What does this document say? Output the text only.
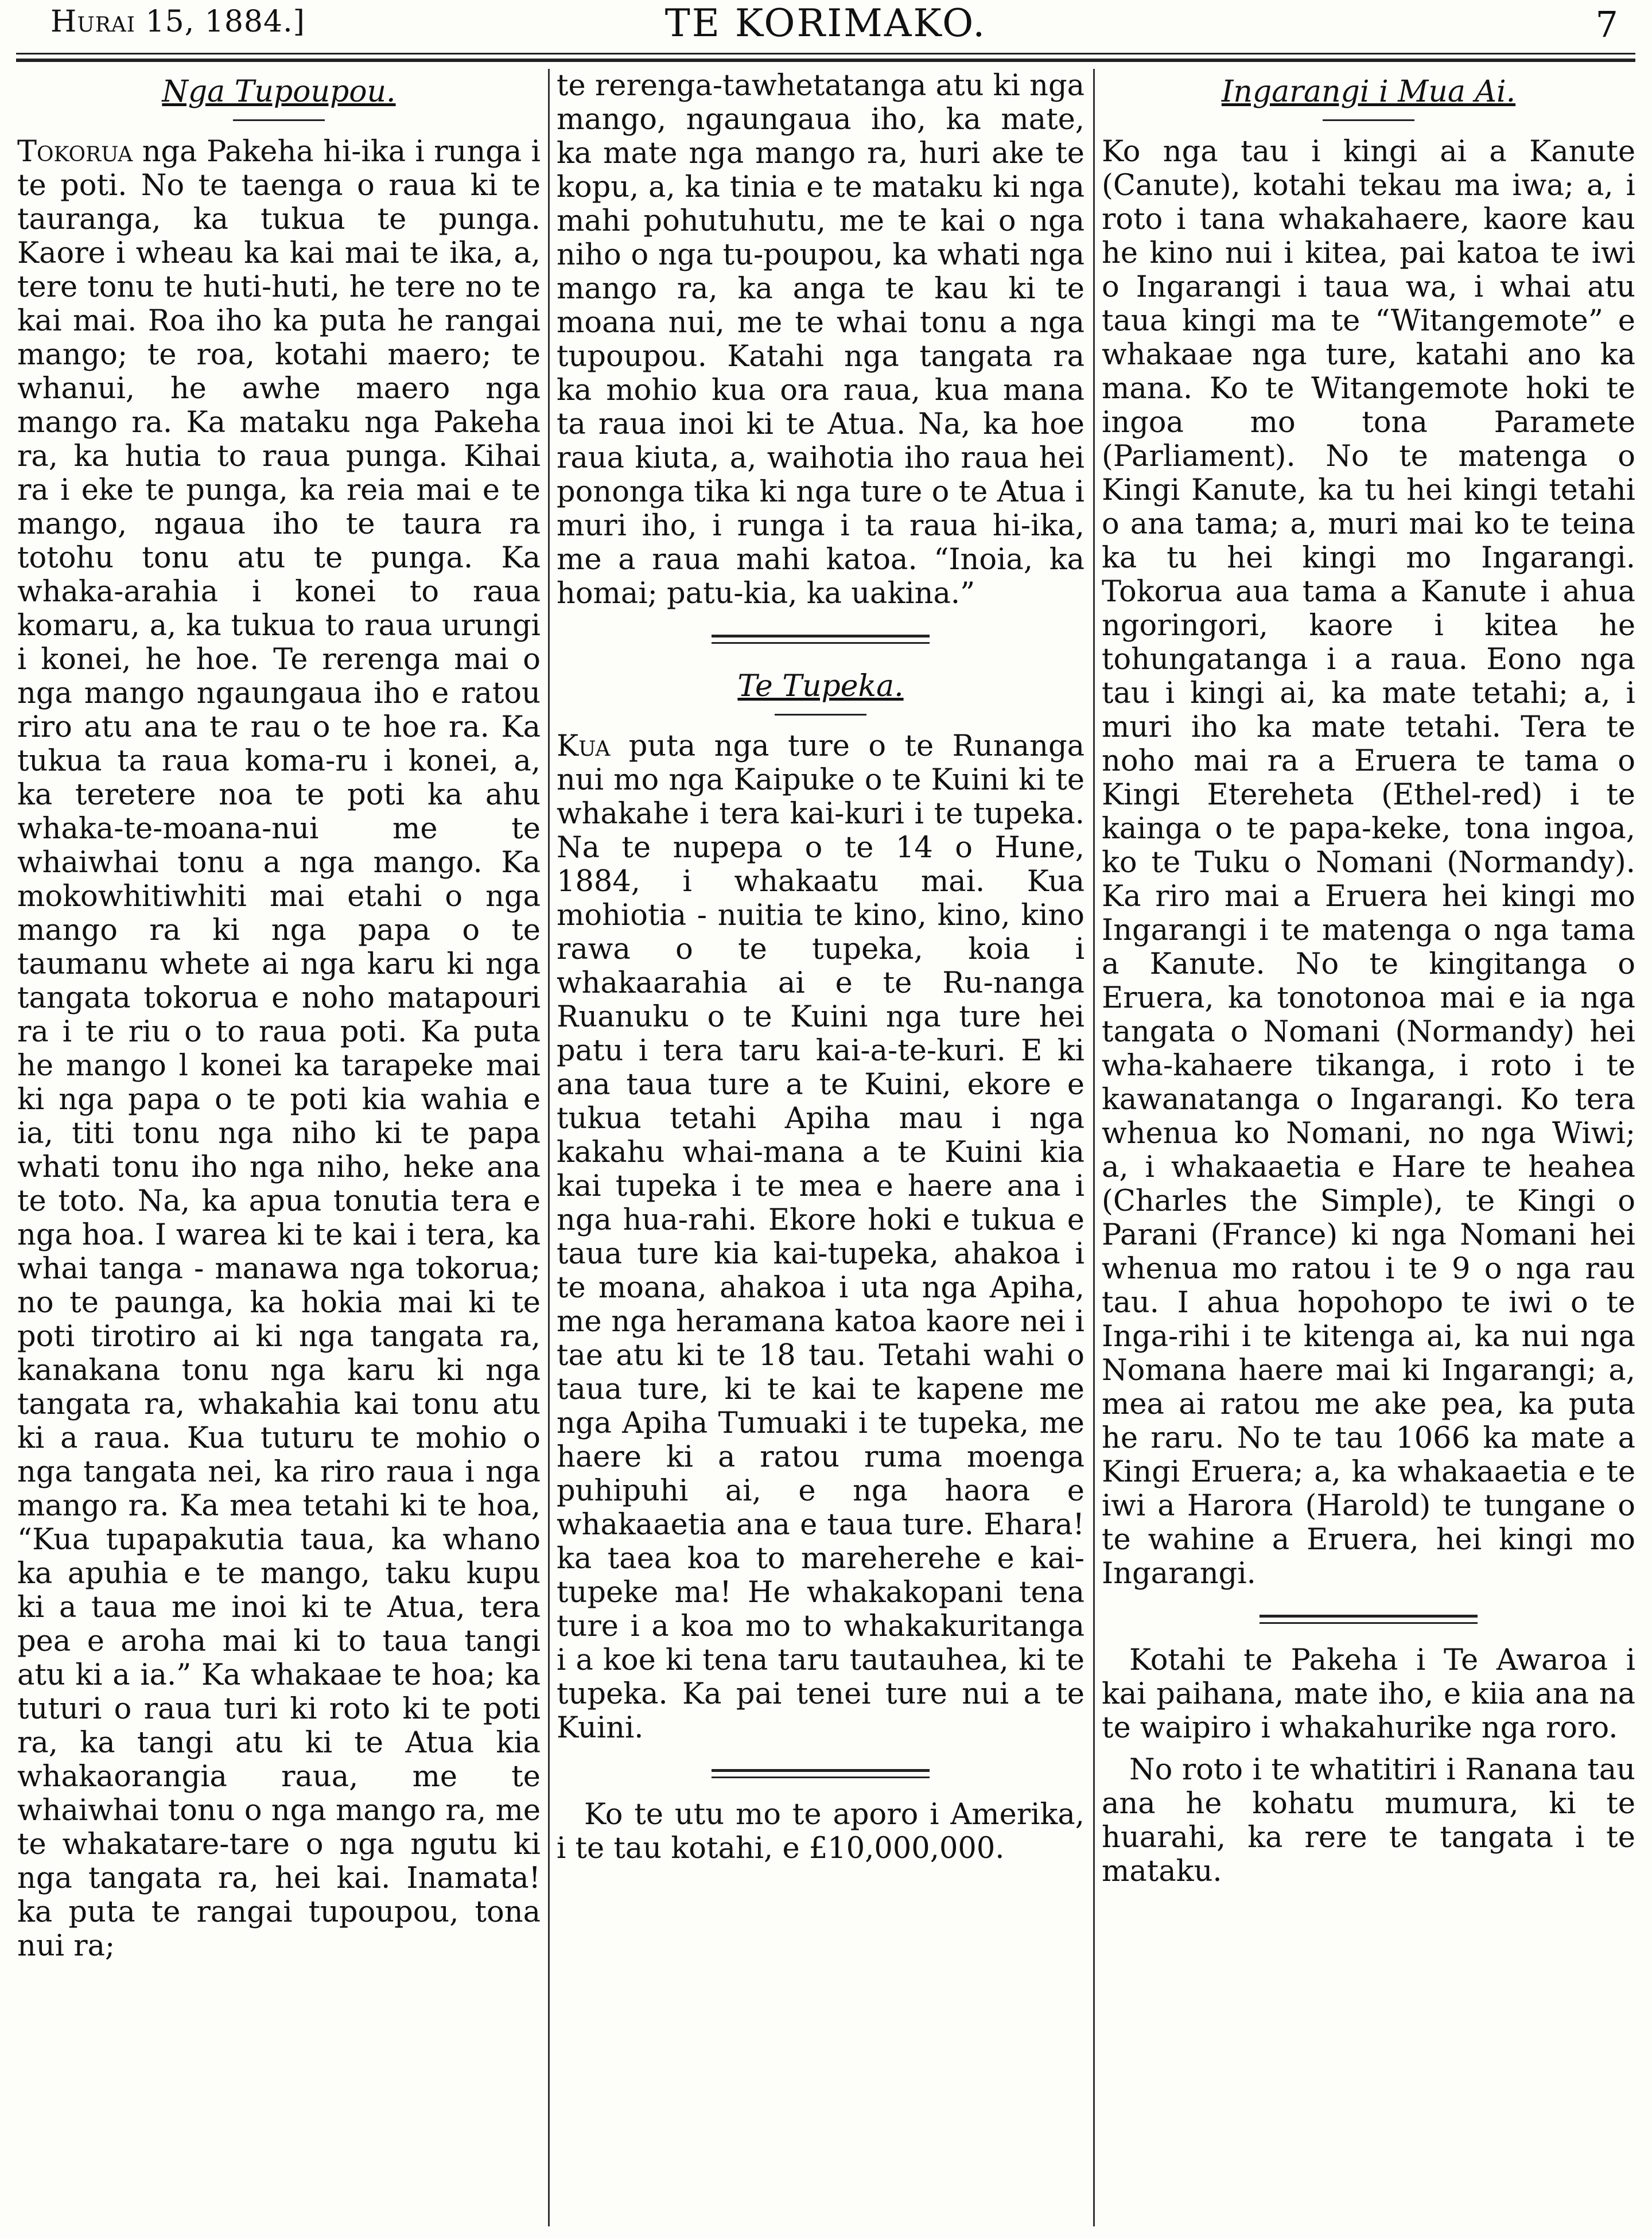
Hurai 15, 1884.]	TE KORIMAKO.	7
Nga Tupoupou.

Tokorua nga Pakeha hi-ika i runga i te poti. No te taenga o raua ki te tauranga, ka tukua te punga. Kaore i wheau ka kai mai te ika, a, tere tonu te huti-huti, he tere no te kai mai. Roa iho ka puta he rangai mango; te roa, kotahi maero; te whanui, he awhe maero nga mango ra. Ka mataku nga Pakeha ra, ka hutia to raua punga. Kihai ra i eke te punga, ka reia mai e te mango, ngaua iho te taura ra totohu tonu atu te punga. Ka whaka-arahia i konei to raua komaru, a, ka tukua to raua urungi i konei, he hoe. Te rerenga mai o nga mango ngaungaua iho e ratou riro atu ana te rau o te hoe ra. Ka tukua ta raua koma-ru i konei, a, ka teretere noa te poti ka ahu whaka-te-moana-nui me te whaiwhai tonu a nga mango. Ka mokowhitiwhiti mai etahi o nga mango ra ki nga papa o te taumanu whete ai nga karu ki nga tangata tokorua e noho matapouri ra i te riu o to raua poti. Ka puta he mango l konei ka tarapeke mai ki nga papa o te poti kia wahia e ia, titi tonu nga niho ki te papa whati tonu iho nga niho, heke ana te toto. Na, ka apua tonutia tera e nga hoa. I warea ki te kai i tera, ka whai tanga - manawa nga tokorua; no te paunga, ka hokia mai ki te poti tirotiro ai ki nga tangata ra, kanakana tonu nga karu ki nga tangata ra, whakahia kai tonu atu ki a raua. Kua tuturu te mohio o nga tangata nei, ka riro raua i nga mango ra. Ka mea tetahi ki te hoa, “Kua tupapakutia taua, ka whano ka apuhia e te mango, taku kupu ki a taua me inoi ki te Atua, tera pea e aroha mai ki to taua tangi atu ki a ia.” Ka whakaae te hoa; ka tuturi o raua turi ki roto ki te poti ra, ka tangi atu ki te Atua kia whakaorangia raua, me te whaiwhai tonu o nga mango ra, me te whakatare-tare o nga ngutu ki nga tangata ra, hei kai. Inamata! ka puta te rangai tupoupou, tona nui ra;

te rerenga-tawhetatanga atu ki nga mango, ngaungaua iho, ka mate, ka mate nga mango ra, huri ake te kopu, a, ka tinia e te mataku ki nga mahi pohutuhutu, me te kai o nga niho o nga tu-poupou, ka whati nga mango ra, ka anga te kau ki te moana nui, me te whai tonu a nga tupoupou. Katahi nga tangata ra ka mohio kua ora raua, kua mana ta raua inoi ki te Atua. Na, ka hoe raua kiuta, a, waihotia iho raua hei pononga tika ki nga ture o te Atua i muri iho, i runga i ta raua hi-ika, me a raua mahi katoa. “Inoia, ka homai; patu-kia, ka uakina.”

Te Tupeka.

Kua puta nga ture o te Runanga nui mo nga Kaipuke o te Kuini ki te whakahe i tera kai-kuri i te tupeka. Na te nupepa o te 14 o Hune, 1884, i whakaatu mai. Kua mohiotia - nuitia te kino, kino, kino rawa o te tupeka, koia i whakaarahia ai e te Ru-nanga Ruanuku o te Kuini nga ture hei patu i tera taru kai-a-te-kuri. E ki ana taua ture a te Kuini, ekore e tukua tetahi Apiha mau i nga kakahu whai-mana a te Kuini kia kai tupeka i te mea e haere ana i nga hua-rahi. Ekore hoki e tukua e taua ture kia kai-tupeka, ahakoa i te moana, ahakoa i uta nga Apiha, me nga heramana katoa kaore nei i tae atu ki te 18 tau. Tetahi wahi o taua ture, ki te kai te kapene me nga Apiha Tumuaki i te tupeka, me haere ki a ratou ruma moenga puhipuhi ai, e nga haora e whakaaetia ana e taua ture. Ehara! ka taea koa to mareherehe e kai-tupeke ma! He whakakopani tena ture i a koa mo to whakakuritanga i a koe ki tena taru tautauhea, ki te tupeka. Ka pai tenei ture nui a te Kuini.

Ko te utu mo te aporo i Amerika, i te tau kotahi, e £10,000,000.

Ingarangi i Mua Ai.

Ko nga tau i kingi ai a Kanute (Canute), kotahi tekau ma iwa; a, i roto i tana whakahaere, kaore kau he kino nui i kitea, pai katoa te iwi o Ingarangi i taua wa, i whai atu taua kingi ma te “Witangemote” e whakaae nga ture, katahi ano ka mana. Ko te Witangemote hoki te ingoa mo tona Paramete (Parliament). No te matenga o Kingi Kanute, ka tu hei kingi tetahi o ana tama; a, muri mai ko te teina ka tu hei kingi mo Ingarangi. Tokorua aua tama a Kanute i ahua ngoringori, kaore i kitea he tohungatanga i a raua. Eono nga tau i kingi ai, ka mate tetahi; a, i muri iho ka mate tetahi. Tera te noho mai ra a Eruera te tama o Kingi Etereheta (Ethel-red) i te kainga o te papa-keke, tona ingoa, ko te Tuku o Nomani (Normandy). Ka riro mai a Eruera hei kingi mo Ingarangi i te matenga o nga tama a Kanute. No te kingitanga o Eruera, ka tonotonoa mai e ia nga tangata o Nomani (Normandy) hei wha-kahaere tikanga, i roto i te kawanatanga o Ingarangi. Ko tera whenua ko Nomani, no nga Wiwi; a, i whakaaetia e Hare te heahea (Charles the Simple), te Kingi o Parani (France) ki nga Nomani hei whenua mo ratou i te 9 o nga rau tau. I ahua hopohopo te iwi o te Inga-rihi i te kitenga ai, ka nui nga Nomana haere mai ki Ingarangi; a, mea ai ratou me ake pea, ka puta he raru. No te tau 1066 ka mate a Kingi Eruera; a, ka whakaaetia e te iwi a Harora (Harold) te tungane o te wahine a Eruera, hei kingi mo Ingarangi.

Kotahi te Pakeha i Te Awaroa i kai paihana, mate iho, e kiia ana na te waipiro i whakahurike nga roro.

No roto i te whatitiri i Ranana tau ana he kohatu mumura, ki te huarahi, ka rere te tangata i te mataku.
